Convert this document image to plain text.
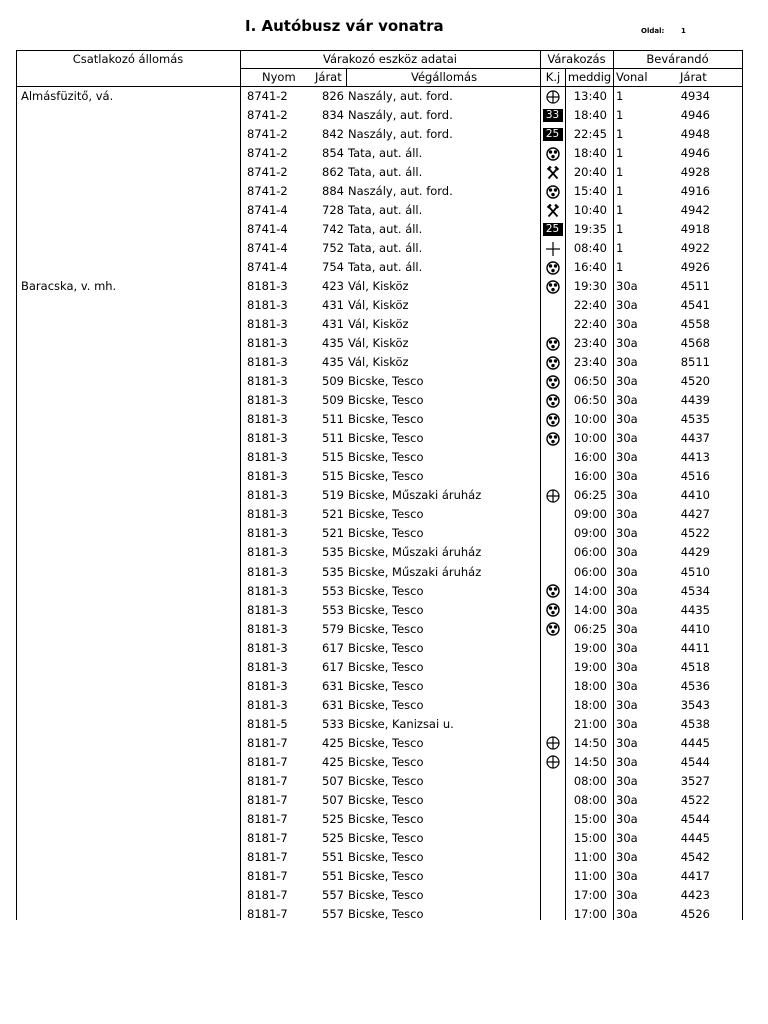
I. Autóbusz vár vonatra	Oldal: 1
Csatlakozó állomás	Várakozó eszköz adatai	Várakozás	Bevárandó
Nyom Járat	Végállomás	K.j meddig Vonal	Járat
Almásfüzitő, vá.	8741-2	826 Naszály, aut. ford.	13:40 1	4934
8741-2	834 Naszály, aut. ford.	33	18:40 1	4946
8741-2	842 Naszály, aut. ford.	25	22:45 1	4948
8741-2	854 Tata, aut. áll.	18:40 1	4946
8741-2	862 Tata, aut. áll.	20:40 1	4928
8741-2	884 Naszály, aut. ford.	15:40 1	4916
8741-4	728 Tata, aut. áll.	10:40 1	4942
8741-4	742 Tata, aut. áll.	25	19:35 1	4918
8741-4	752 Tata, aut. áll.	08:40 1	4922
8741-4	754 Tata, aut. áll.	16:40 1	4926
Baracska, v. mh.	8181-3	423 Vál, Kisköz	19:30 30a	4511
8181-3	431 Vál, Kisköz	22:40 30a	4541
8181-3	431 Vál, Kisköz	22:40 30a	4558
8181-3	435 Vál, Kisköz	23:40 30a	4568
8181-3	435 Vál, Kisköz	23:40 30a	8511
8181-3	509 Bicske, Tesco	06:50 30a	4520
8181-3	509 Bicske, Tesco	06:50 30a	4439
8181-3	511 Bicske, Tesco	10:00 30a	4535
8181-3	511 Bicske, Tesco	10:00 30a	4437
8181-3	515 Bicske, Tesco	16:00 30a	4413
8181-3	515 Bicske, Tesco	16:00 30a	4516
8181-3	519 Bicske, Műszaki áruház	06:25 30a	4410
8181-3	521 Bicske, Tesco	09:00 30a	4427
8181-3	521 Bicske, Tesco	09:00 30a	4522
8181-3	535 Bicske, Műszaki áruház	06:00 30a	4429
8181-3	535 Bicske, Műszaki áruház	06:00 30a	4510
8181-3	553 Bicske, Tesco	14:00 30a	4534
8181-3	553 Bicske, Tesco	14:00 30a	4435
8181-3	579 Bicske, Tesco	06:25 30a	4410
8181-3	617 Bicske, Tesco	19:00 30a	4411
8181-3	617 Bicske, Tesco	19:00 30a	4518
8181-3	631 Bicske, Tesco	18:00 30a	4536
8181-3	631 Bicske, Tesco	18:00 30a	3543
8181-5	533 Bicske, Kanizsai u.	21:00 30a	4538
8181-7	425 Bicske, Tesco	14:50 30a	4445
8181-7	425 Bicske, Tesco	14:50 30a	4544
8181-7	507 Bicske, Tesco	08:00 30a	3527
8181-7	507 Bicske, Tesco	08:00 30a	4522
8181-7	525 Bicske, Tesco	15:00 30a	4544
8181-7	525 Bicske, Tesco	15:00 30a	4445
8181-7	551 Bicske, Tesco	11:00 30a	4542
8181-7	551 Bicske, Tesco	11:00 30a	4417
8181-7	557 Bicske, Tesco	17:00 30a	4423
8181-7	557 Bicske, Tesco	17:00 30a	4526
